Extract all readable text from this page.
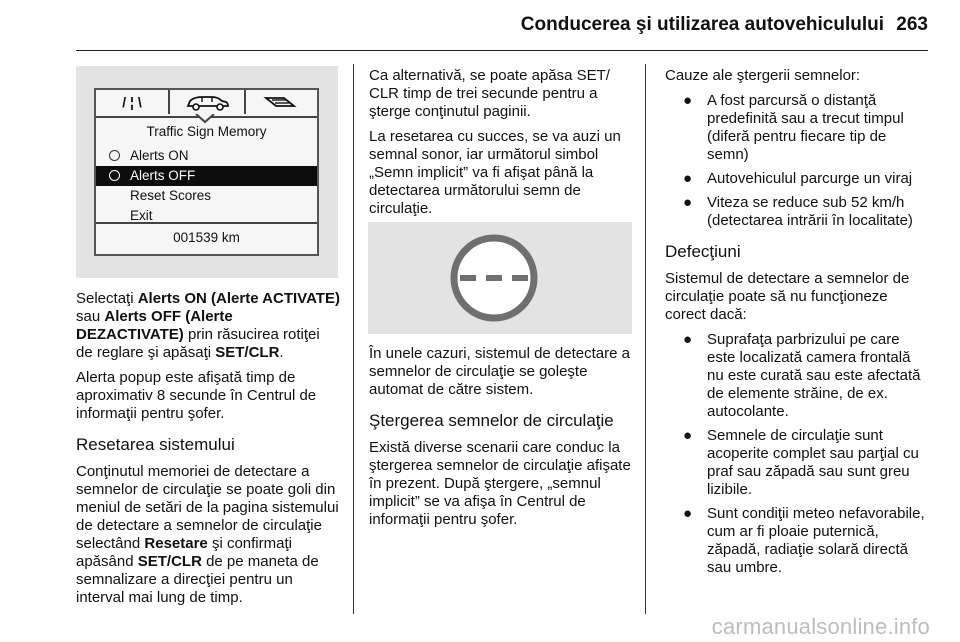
Conducerea şi utilizarea autovehiculului 263
/ ¦ \
Traffic Sign Memory
Alerts ON
Alerts OFF
Reset Scores
Exit
001539 km

Selectaţi Alerts ON (Alerte ACTIVATE) sau Alerts OFF (Alerte DEZACTIVATE) prin răsucirea rotiţei de reglare şi apăsaţi SET/CLR.

Alerta popup este afişată timp de aproximativ 8 secunde în Centrul de informaţii pentru şofer.

Resetarea sistemului

Conţinutul memoriei de detectare a semnelor de circulaţie se poate goli din meniul de setări de la pagina sistemului de detectare a semnelor de circulaţie selectând Resetare şi confirmaţi apăsând SET/CLR de pe maneta de semnalizare a direcţiei pentru un interval mai lung de timp.

Ca alternativă, se poate apăsa SET/ CLR timp de trei secunde pentru a şterge conţinutul paginii.

La resetarea cu succes, se va auzi un semnal sonor, iar următorul simbol „Semn implicit” va fi afişat până la detectarea următorului semn de circulaţie.

În unele cazuri, sistemul de detectare a semnelor de circulaţie se goleşte automat de către sistem.

Ştergerea semnelor de circulaţie

Există diverse scenarii care conduc la ştergerea semnelor de circulaţie afişate în prezent. După ştergere, „semnul implicit” se va afişa în Centrul de informaţii pentru şofer.

Cauze ale ştergerii semnelor:

● A fost parcursă o distanţă predefinită sau a trecut timpul (diferă pentru fiecare tip de semn)
● Autovehiculul parcurge un viraj
● Viteza se reduce sub 52 km/h (detectarea intrării în localitate)
Defecţiuni

Sistemul de detectare a semnelor de circulaţie poate să nu funcţioneze corect dacă:

● Suprafaţa parbrizului pe care este localizată camera frontală nu este curată sau este afectată de elemente străine, de ex. autocolante.
● Semnele de circulaţie sunt acoperite complet sau parţial cu praf sau zăpadă sau sunt greu lizibile.
● Sunt condiţii meteo nefavorabile, cum ar fi ploaie puternică, zăpadă, radiaţie solară directă sau umbre.
carmanualsonline.info
